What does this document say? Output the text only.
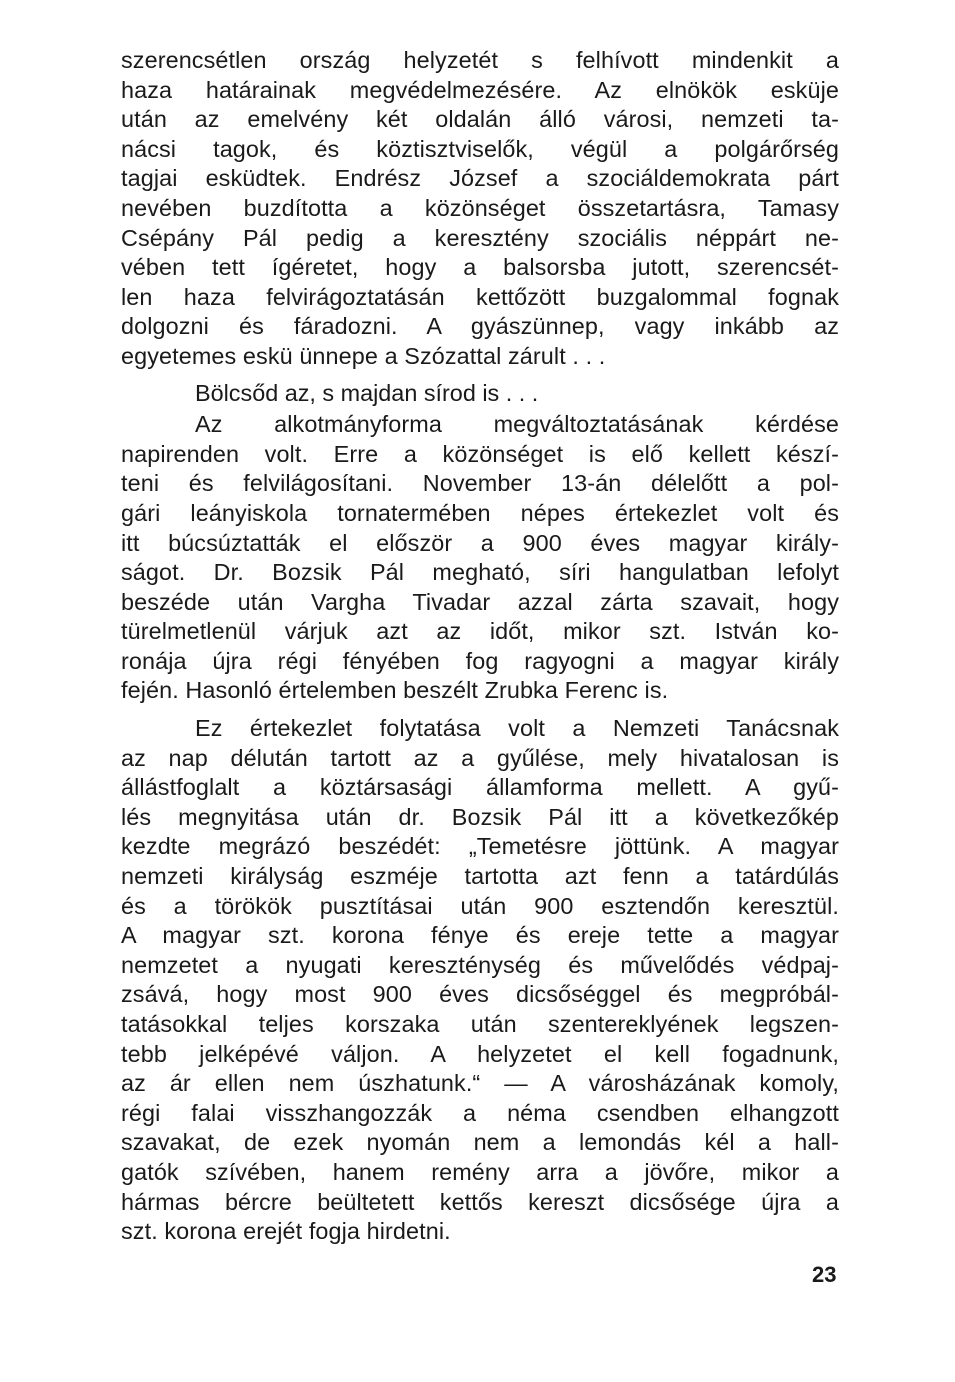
szerencsétlen ország helyzetét s felhívott mindenkit a
haza határainak megvédelmezésére. Az elnökök esküje
után az emelvény két oldalán álló városi, nemzeti ta-
nácsi tagok, és köztisztviselők, végül a polgárőrség
tagjai esküdtek. Endrész József a szociáldemokrata párt
nevében buzdította a közönséget összetartásra, Tamasy
Csépány Pál pedig a keresztény szociális néppárt ne-
vében tett ígéretet, hogy a balsorsba jutott, szerencsét-
len haza felvirágoztatásán kettőzött buzgalommal fognak
dolgozni és fáradozni. A gyászünnep, vagy inkább az
egyetemes eskü ünnepe a Szózattal zárult . . .
Bölcsőd az, s majdan sírod is . . .
Az alkotmányforma megváltoztatásának kérdése
napirenden volt. Erre a közönséget is elő kellett készí-
teni és felvilágosítani. November 13-án délelőtt a pol-
gári leányiskola tornatermében népes értekezlet volt és
itt búcsúztatták el először a 900 éves magyar király-
ságot. Dr. Bozsik Pál megható, síri hangulatban lefolyt
beszéde után Vargha Tivadar azzal zárta szavait, hogy
türelmetlenül várjuk azt az időt, mikor szt. István ko-
ronája újra régi fényében fog ragyogni a magyar király
fején. Hasonló értelemben beszélt Zrubka Ferenc is.
Ez értekezlet folytatása volt a Nemzeti Tanácsnak
az nap délután tartott az a gyűlése, mely hivatalosan is
állástfoglalt a köztársasági államforma mellett. A gyű-
lés megnyitása után dr. Bozsik Pál itt a következőkép
kezdte megrázó beszédét: „Temetésre jöttünk. A magyar
nemzeti királyság eszméje tartotta azt fenn a tatárdúlás
és a törökök pusztításai után 900 esztendőn keresztül.
A magyar szt. korona fénye és ereje tette a magyar
nemzetet a nyugati kereszténység és művelődés védpaj-
zsává, hogy most 900 éves dicsőséggel és megpróbál-
tatásokkal teljes korszaka után szentereklyének legszen-
tebb jelképévé váljon. A helyzetet el kell fogadnunk,
az ár ellen nem úszhatunk.“ — A városházának komoly,
régi falai visszhangozzák a néma csendben elhangzott
szavakat, de ezek nyomán nem a lemondás kél a hall-
gatók szívében, hanem remény arra a jövőre, mikor a
hármas bércre beültetett kettős kereszt dicsősége újra a
szt. korona erejét fogja hirdetni.
23
